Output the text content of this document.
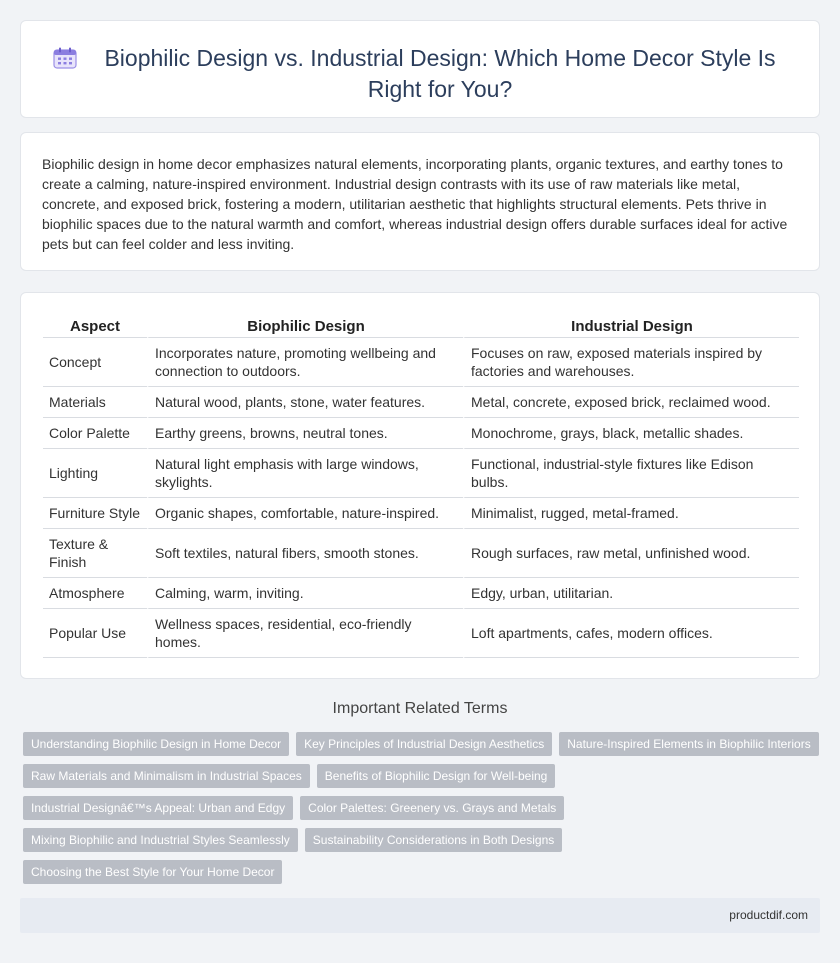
Biophilic Design vs. Industrial Design: Which Home Decor Style Is Right for You?

Biophilic design in home decor emphasizes natural elements, incorporating plants, organic textures, and earthy tones to create a calming, nature-inspired environment. Industrial design contrasts with its use of raw materials like metal, concrete, and exposed brick, fostering a modern, utilitarian aesthetic that highlights structural elements. Pets thrive in biophilic spaces due to the natural warmth and comfort, whereas industrial design offers durable surfaces ideal for active pets but can feel colder and less inviting.

Aspect	Biophilic Design	Industrial Design
Concept	Incorporates nature, promoting wellbeing and connection to outdoors.	Focuses on raw, exposed materials inspired by factories and warehouses.
Materials	Natural wood, plants, stone, water features.	Metal, concrete, exposed brick, reclaimed wood.
Color Palette	Earthy greens, browns, neutral tones.	Monochrome, grays, black, metallic shades.
Lighting	Natural light emphasis with large windows, skylights.	Functional, industrial-style fixtures like Edison bulbs.
Furniture Style	Organic shapes, comfortable, nature-inspired.	Minimalist, rugged, metal-framed.
Texture & Finish	Soft textiles, natural fibers, smooth stones.	Rough surfaces, raw metal, unfinished wood.
Atmosphere	Calming, warm, inviting.	Edgy, urban, utilitarian.
Popular Use	Wellness spaces, residential, eco-friendly homes.	Loft apartments, cafes, modern offices.
Important Related Terms
Understanding Biophilic Design in Home Decor	Key Principles of Industrial Design Aesthetics	Nature-Inspired Elements in Biophilic Interiors
Raw Materials and Minimalism in Industrial Spaces	Benefits of Biophilic Design for Well-being
Industrial Designâ€™s Appeal: Urban and Edgy	Color Palettes: Greenery vs. Grays and Metals
Mixing Biophilic and Industrial Styles Seamlessly	Sustainability Considerations in Both Designs
Choosing the Best Style for Your Home Decor
productdif.com
